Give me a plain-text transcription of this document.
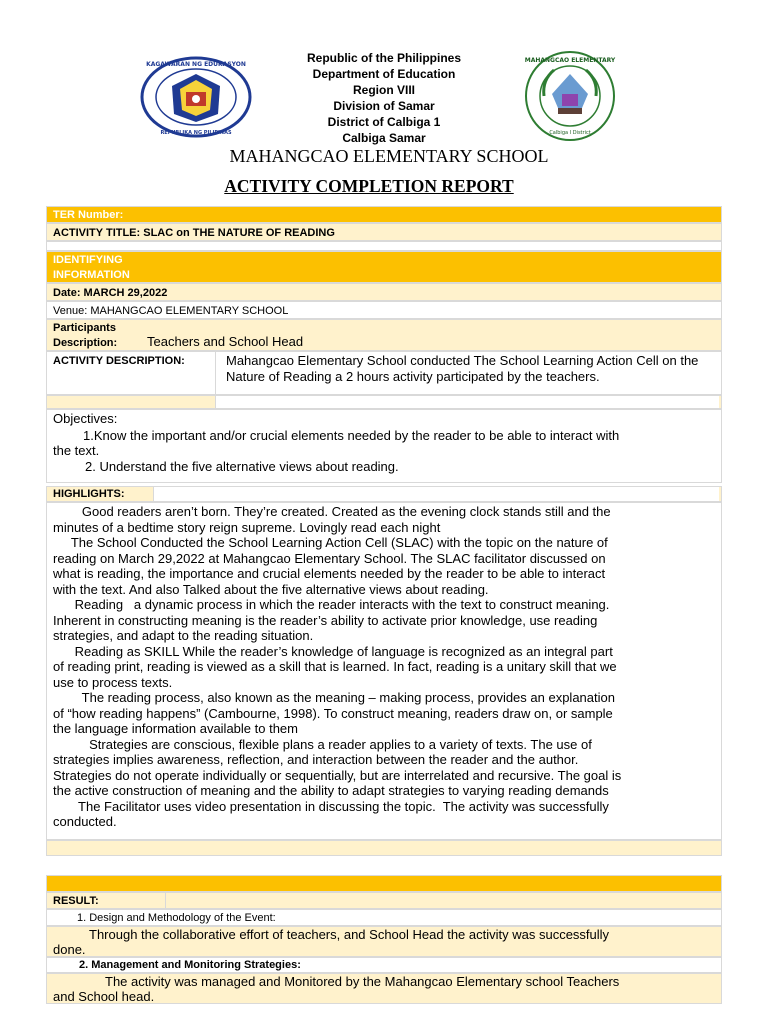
KAGAWARAN NG EDUKASYON
REPUBLIKA NG PILIPINAS
MAHANGCAO ELEMENTARY
Calbiga I District
Republic of the Philippines
Department of Education
Region VIII
Division of Samar
District of Calbiga 1
Calbiga Samar
MAHANGCAO ELEMENTARY SCHOOL
ACTIVITY COMPLETION REPORT
TER Number:
ACTIVITY TITLE: SLAC on THE NATURE OF READING
IDENTIFYING
INFORMATION
Date: MARCH 29,2022
Venue: MAHANGCAO ELEMENTARY SCHOOL
Participants
Description: Teachers and School Head
ACTIVITY DESCRIPTION:	Mahangcao Elementary School conducted The School Learning Action Cell on the Nature of Reading a 2 hours activity participated by the teachers.
Objectives:
1.Know the important and/or crucial elements needed by the reader to be able to interact with
the text.
2. Understand the five alternative views about reading.
HIGHLIGHTS:
Good readers aren’t born. They’re created. Created as the evening clock stands still and the
minutes of a bedtime story reign supreme. Lovingly read each night
The School Conducted the School Learning Action Cell (SLAC) with the topic on the nature of
reading on March 29,2022 at Mahangcao Elementary School. The SLAC facilitator discussed on
what is reading, the importance and crucial elements needed by the reader to be able to interact
with the text. And also Talked about the five alternative views about reading.
Reading   a dynamic process in which the reader interacts with the text to construct meaning.
Inherent in constructing meaning is the reader’s ability to activate prior knowledge, use reading
strategies, and adapt to the reading situation.
Reading as SKILL While the reader’s knowledge of language is recognized as an integral part
of reading print, reading is viewed as a skill that is learned. In fact, reading is a unitary skill that we
use to process texts.
The reading process, also known as the meaning – making process, provides an explanation
of “how reading happens” (Cambourne, 1998). To construct meaning, readers draw on, or sample
the language information available to them
Strategies are conscious, flexible plans a reader applies to a variety of texts. The use of
strategies implies awareness, reflection, and interaction between the reader and the author.
Strategies do not operate individually or sequentially, but are interrelated and recursive. The goal is
the active construction of meaning and the ability to adapt strategies to varying reading demands
The Facilitator uses video presentation in discussing the topic.  The activity was successfully
conducted.
RESULT:
1. Design and Methodology of the Event:
Through the collaborative effort of teachers, and School Head the activity was successfully
done.
2. Management and Monitoring Strategies:
The activity was managed and Monitored by the Mahangcao Elementary school Teachers
and School head.
